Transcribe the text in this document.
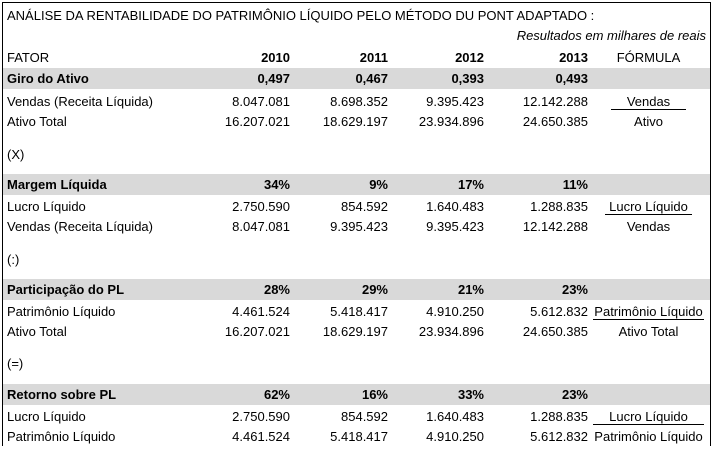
ANÁLISE DA RENTABILIDADE DO PATRIMÔNIO LÍQUIDO PELO MÉTODO DU PONT ADAPTADO :
Resultados em milhares de reais
FATOR	2010	2011	2012	2013	FÓRMULA
Giro do Ativo	0,497	0,467	0,393	0,493
Vendas (Receita Líquida)	8.047.081	8.698.352	9.395.423	12.142.288	Vendas
Ativo Total	16.207.021	18.629.197 23.934.896	24.650.385	Ativo
(X)
Margem Líquida	34%	9%	17%	11%
Lucro Líquido	2.750.590	854.592	1.640.483	1.288.835	Lucro Líquido
Vendas (Receita Líquida)	8.047.081	9.395.423	9.395.423	12.142.288	Vendas
(:)
Participação do PL	28%	29%	21%	23%
Patrimônio Líquido	4.461.524	5.418.417	4.910.250	5.612.832 Patrimônio Líquido
Ativo Total	16.207.021	18.629.197 23.934.896	24.650.385	Ativo Total
(=)
Retorno sobre PL	62%	16%	33%	23%
Lucro Líquido	2.750.590	854.592	1.640.483	1.288.835	Lucro Líquido
Patrimônio Líquido	4.461.524	5.418.417	4.910.250	5.612.832 Patrimônio Líquido
